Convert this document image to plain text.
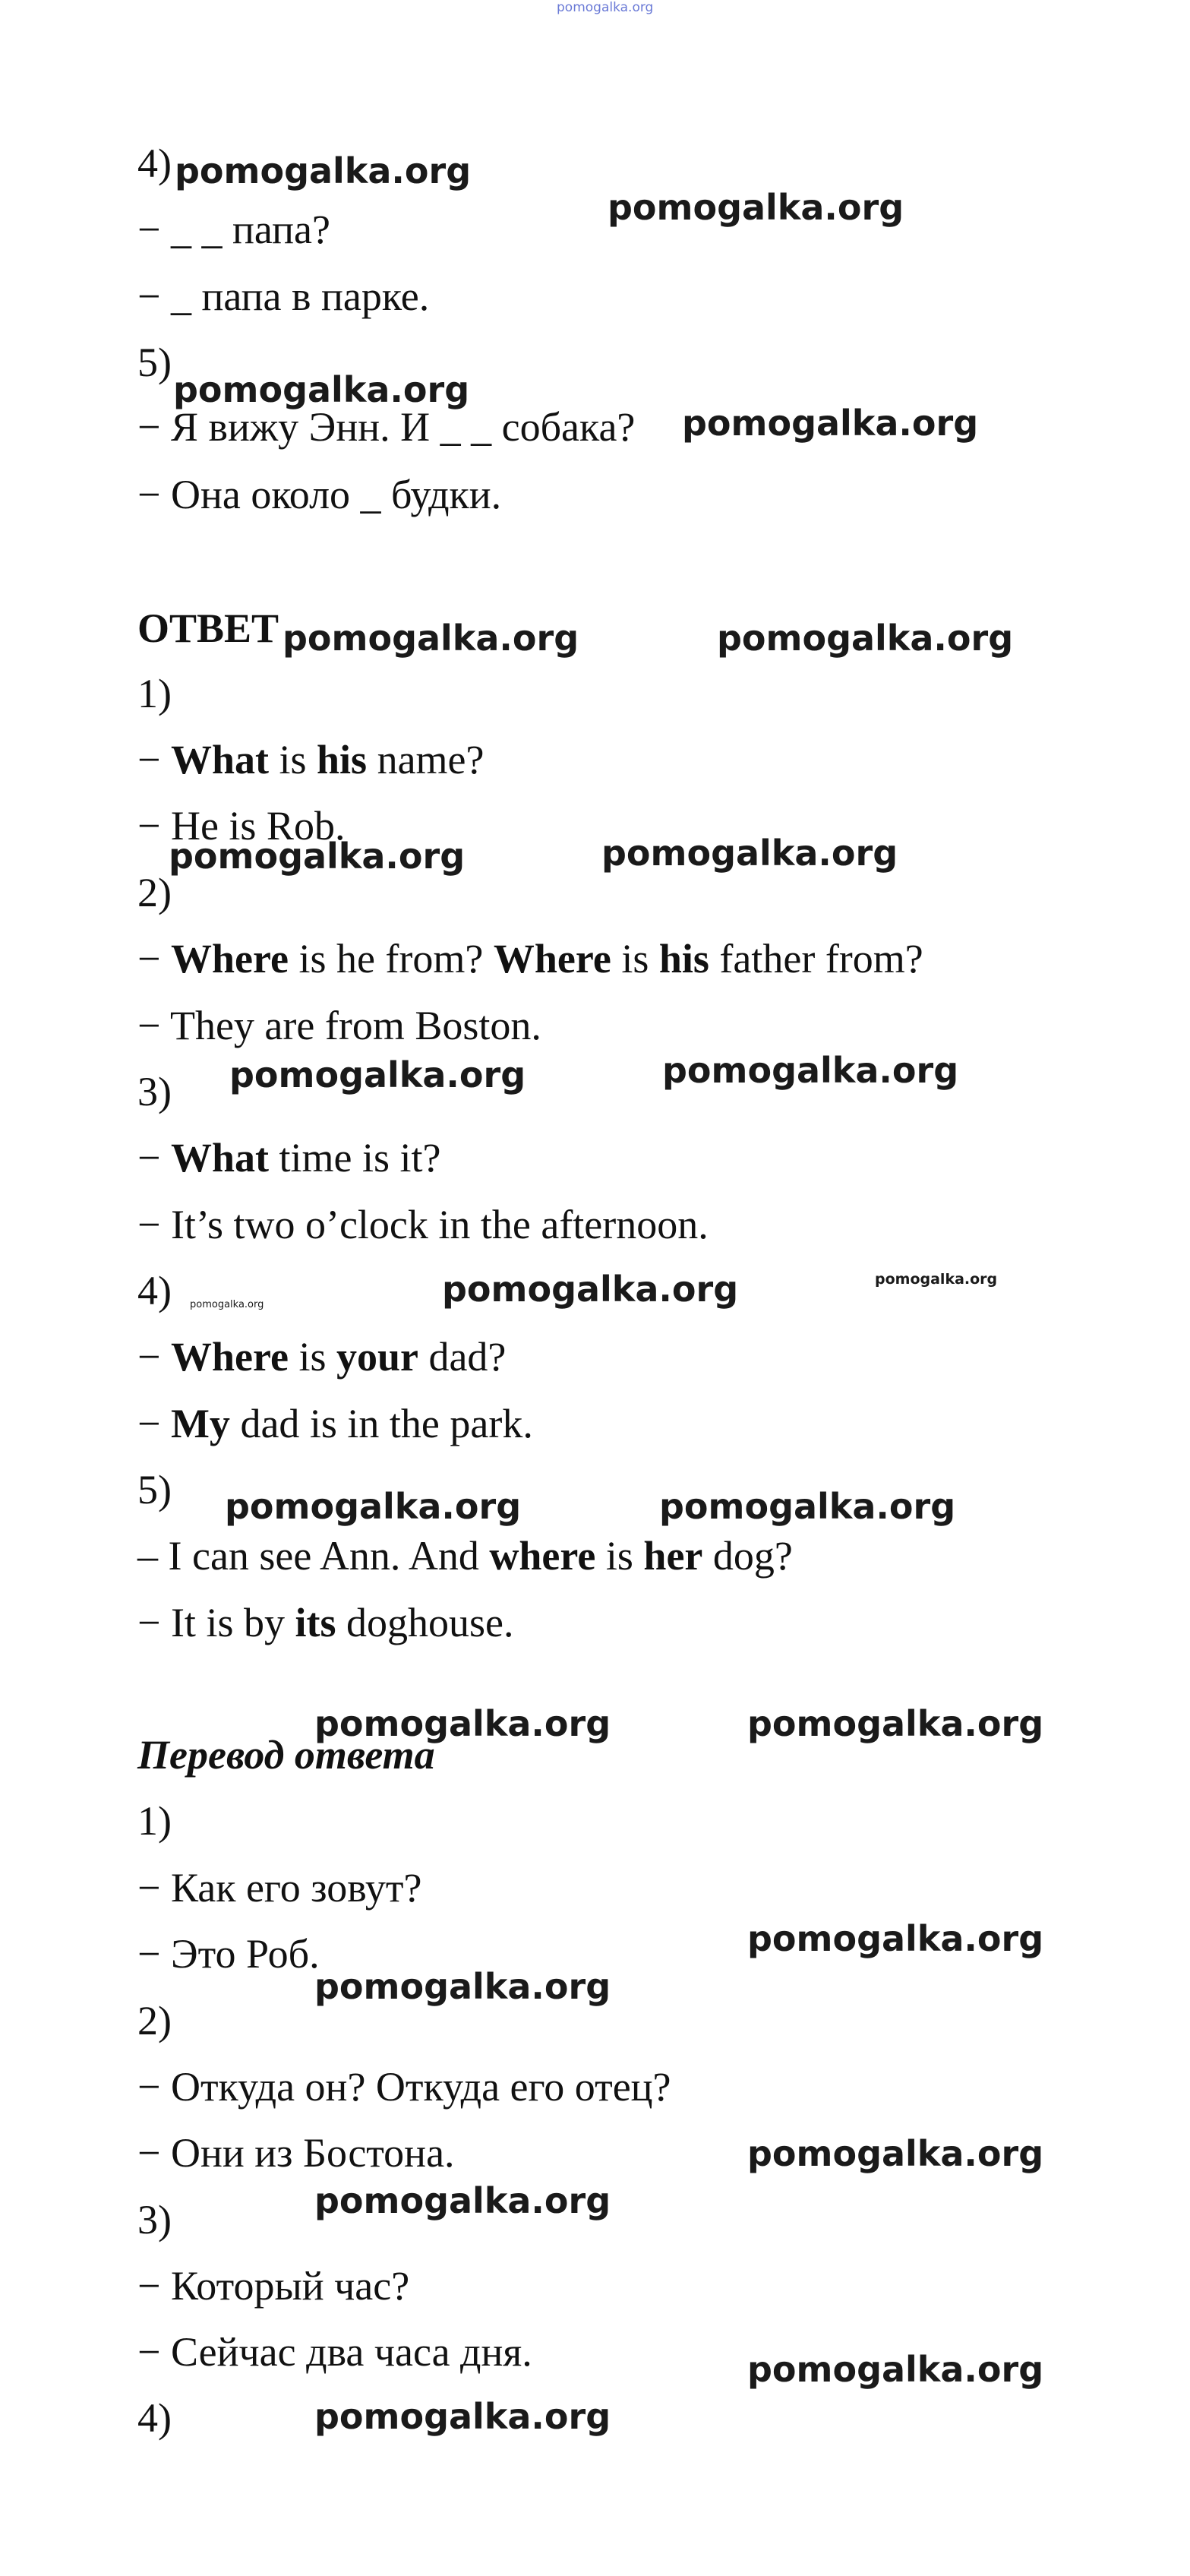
pomogalka.org
4)
− _ _ папа?
− _ папа в парке.
5)
− Я вижу Энн. И _ _ собака?
− Она около _ будки.
ОТВЕТ
1)
− What is his name?
− He is Rob.
2)
− Where is he from? Where is his father from?
− They are from Boston.
3)
− What time is it?
− It’s two o’clock in the afternoon.
4)
− Where is your dad?
− My dad is in the park.
5)
– I can see Ann. And where is her dog?
− It is by its doghouse.
Перевод ответа
1)
− Как его зовут?
− Это Роб.
2)
− Откуда он? Откуда его отец?
− Они из Бостона.
3)
− Который час?
− Сейчас два часа дня.
4)
pomogalka.org
pomogalka.org
pomogalka.org
pomogalka.org
pomogalka.org	pomogalka.org
pomogalka.org	pomogalka.org
pomogalka.org	pomogalka.org
pomogalka.org	pomogalka.org	pomogalka.org
pomogalka.org	pomogalka.org
pomogalka.org	pomogalka.org
pomogalka.org
pomogalka.org
pomogalka.org
pomogalka.org
pomogalka.org
pomogalka.org
